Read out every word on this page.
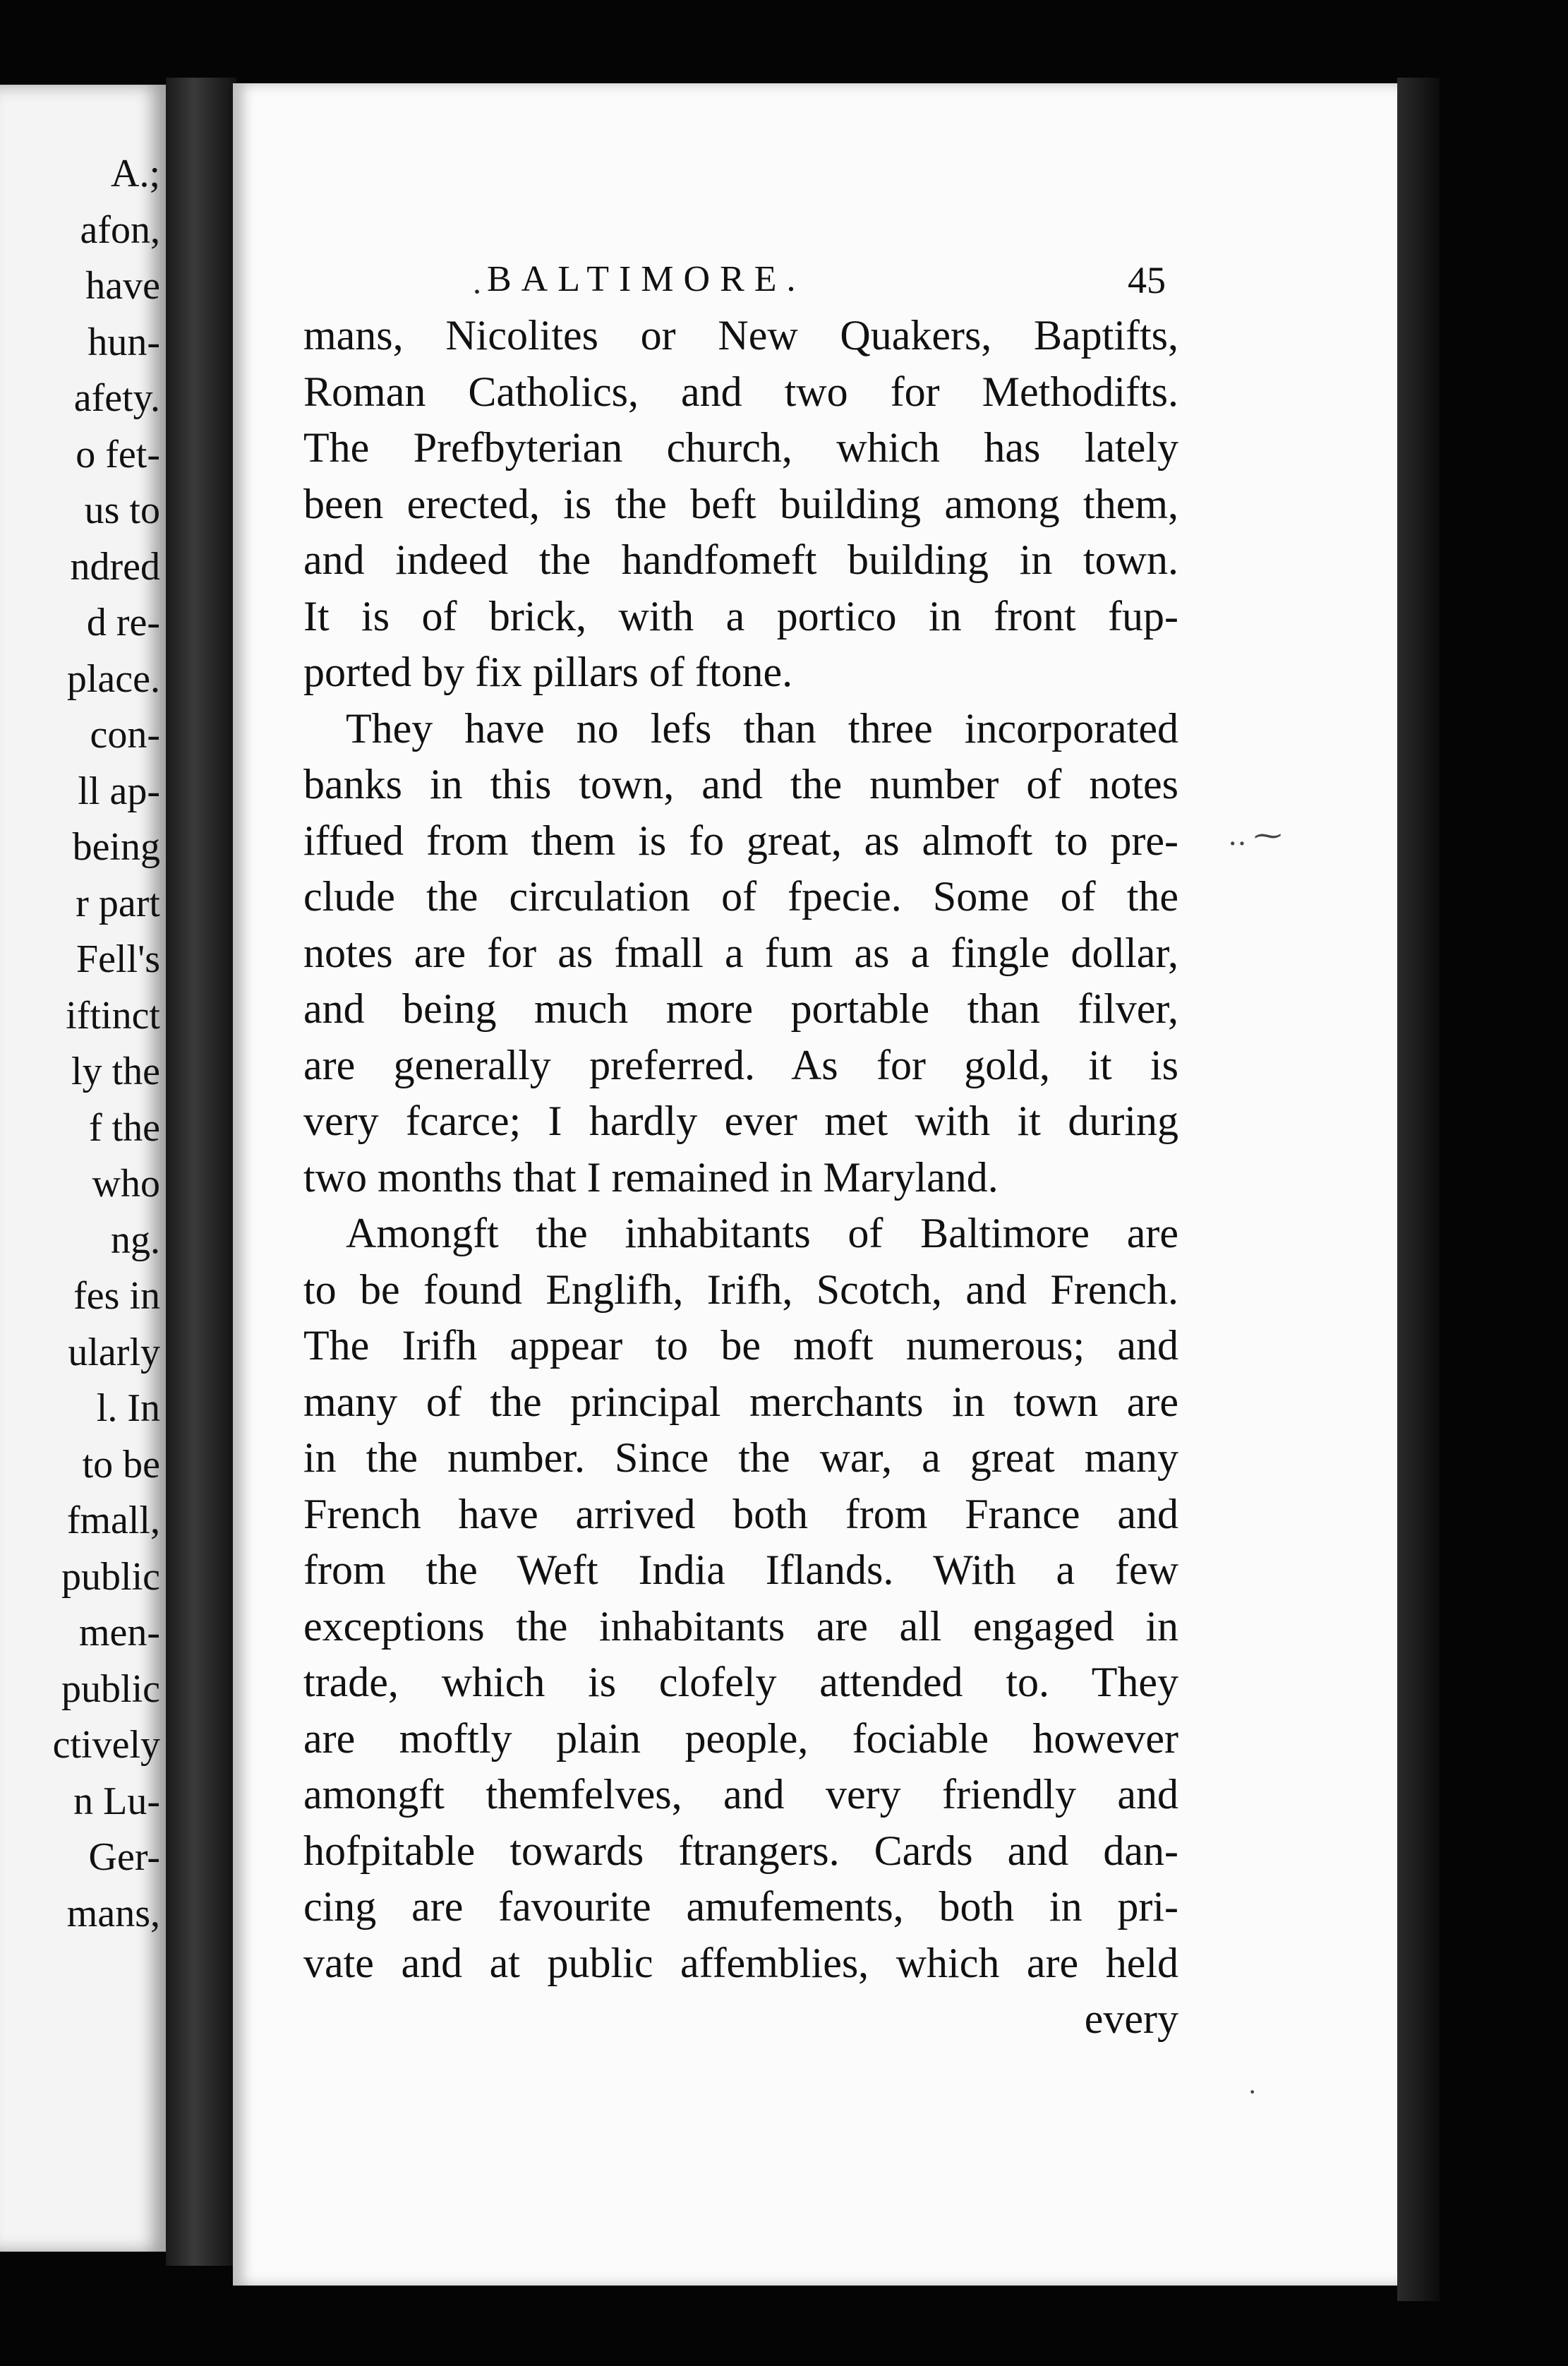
A.;
afon,
have
hun-
afety.
o fet-
us to
ndred
d re-
place.
con-
ll ap-
being
r part
Fell's
iftinct
ly the
f the
who
ng.
fes in
ularly
l. In
to be
fmall,
public
men-
public
ctively
n Lu-
Ger-
mans,
· BALTIMORE.	45
mans, Nicolites or New Quakers, Baptifts,
Roman Catholics, and two for Methodifts.
The Prefbyterian church, which has lately
been erected, is the beft building among them,
and indeed the handfomeft building in town.
It is of brick, with a portico in front fup-
ported by fix pillars of ftone.
They have no lefs than three incorporated
banks in this town, and the number of notes
iffued from them is fo great, as almoft to pre-
clude the circulation of fpecie. Some of the
notes are for as fmall a fum as a fingle dollar,
and being much more portable than filver,
are generally preferred. As for gold, it is
very fcarce; I hardly ever met with it during
two months that I remained in Maryland.
Amongft the inhabitants of Baltimore are
to be found Englifh, Irifh, Scotch, and French.
The Irifh appear to be moft numerous; and
many of the principal merchants in town are
in the number. Since the war, a great many
French have arrived both from France and
from the Weft India Iflands. With a few
exceptions the inhabitants are all engaged in
trade, which is clofely attended to. They
are moftly plain people, fociable however
amongft themfelves, and very friendly and
hofpitable towards ftrangers. Cards and dan-
cing are favourite amufements, both in pri-
vate and at public affemblies, which are held
every
‥ ⁓
·
